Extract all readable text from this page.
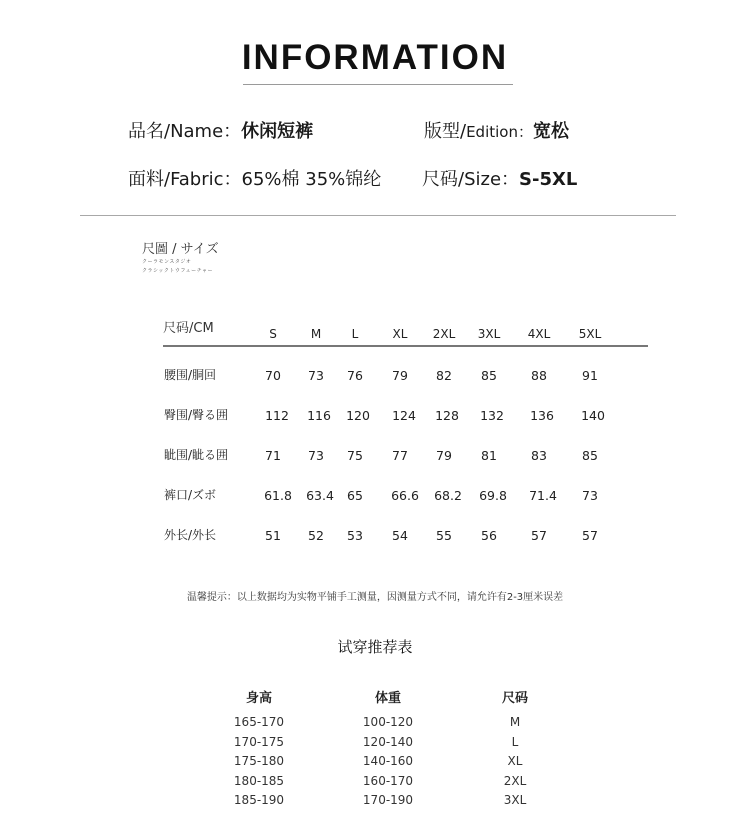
INFORMATION
品名/Name：休闲短裤	版型/Edition：宽松
面料/Fabric：65%棉 35%锦纶 尺码/Size：S-5XL
尺圖 / サイズ
クーラモンスタジオ
クラシックトウフューチャー
尺码/CM	S	M	L	XL	2XL	3XL	4XL	5XL
腰围/胴回	70	73	76	79	82	85	88	91
臀围/臀る囲	112	116	120	124	128	132	136	140
眦围/眦る囲	71	73	75	77	79	81	83	85
裤口/ズボ	61.8	63.4	65	66.6	68.2	69.8	71.4	73
外长/外长	51	52	53	54	55	56	57	57
温馨提示：以上数据均为实物平铺手工测量，因测量方式不同，请允许有2-3厘米误差
试穿推荐表
身高	体重	尺码
165-170	100-120	M
170-175	120-140	L
175-180	140-160	XL
180-185	160-170	2XL
185-190	170-190	3XL
